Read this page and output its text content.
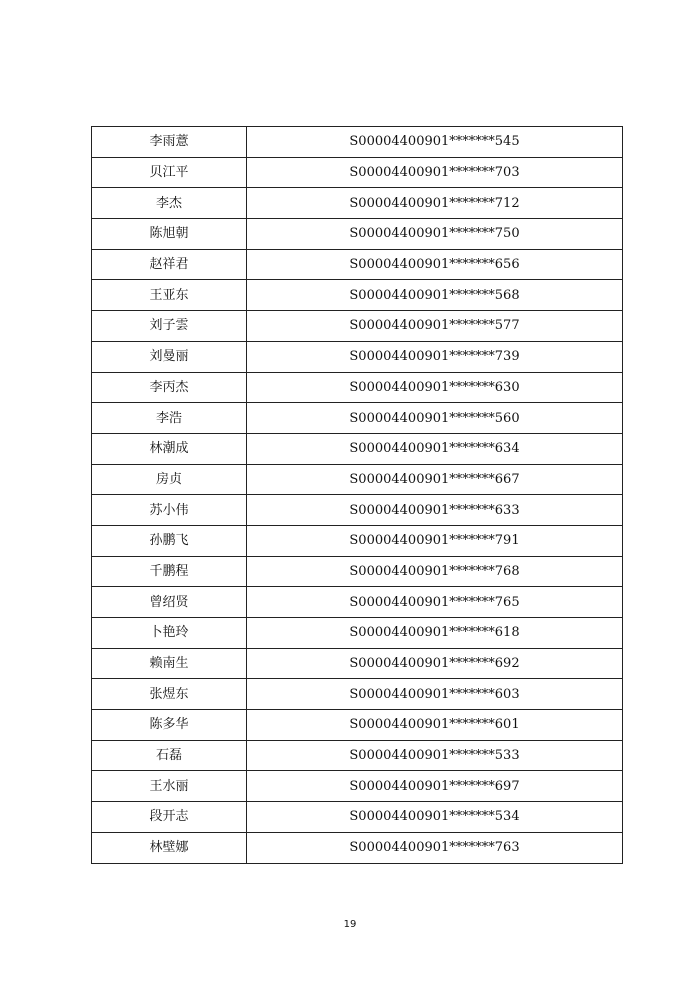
李雨薏	S00004400901*******545
贝江平	S00004400901*******703
李杰	S00004400901*******712
陈旭朝	S00004400901*******750
赵祥君	S00004400901*******656
王亚东	S00004400901*******568
刘子雲	S00004400901*******577
刘曼丽	S00004400901*******739
李丙杰	S00004400901*******630
李浩	S00004400901*******560
林潮成	S00004400901*******634
房贞	S00004400901*******667
苏小伟	S00004400901*******633
孙鹏飞	S00004400901*******791
千鹏程	S00004400901*******768
曾绍贤	S00004400901*******765
卜艳玲	S00004400901*******618
赖南生	S00004400901*******692
张煜东	S00004400901*******603
陈多华	S00004400901*******601
石磊	S00004400901*******533
王水丽	S00004400901*******697
段开志	S00004400901*******534
林壁娜	S00004400901*******763
19
